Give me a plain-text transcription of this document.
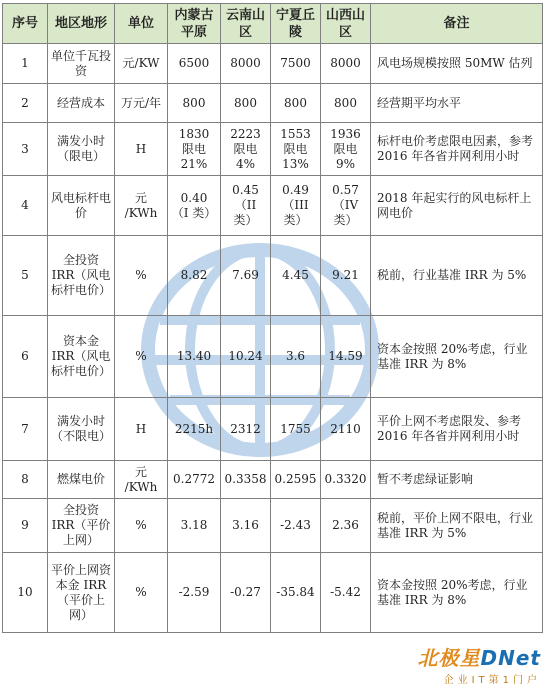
序号	地区地形	单位	内蒙古平原	云南山区	宁夏丘陵	山西山区	备注
1	单位千瓦投资	元/KW	6500	8000	7500	8000	风电场规模按照 50MW 估列
2	经营成本	万元/年	800	800	800	800	经营期平均水平
3	满发小时（限电）	H	1830 限电 21%	2223 限电 4%	1553 限电 13%	1936 限电 9%	标杆电价考虑限电因素，参考 2016 年各省并网利用小时
4	风电标杆电价	元 /KWh	0.40 （I 类）	0.45 （II 类）	0.49 （III 类）	0.57 （IV 类）	2018 年起实行的风电标杆上网电价
5	全投资 IRR（风电标杆电价）	%	8.82	7.69	4.45	9.21	税前，行业基准 IRR 为 5%
6	资本金 IRR（风电标杆电价）	%	13.40	10.24	3.6	14.59	资本金按照 20%考虑，行业基准 IRR 为 8%
7	满发小时（不限电）	H	2215h	2312	1755	2110	平价上网不考虑限发、参考 2016 年各省并网利用小时
8	燃煤电价	元 /KWh	0.2772	0.3358	0.2595	0.3320	暂不考虑绿证影响
9	全投资 IRR（平价上网）	%	3.18	3.16	-2.43	2.36	税前，平价上网不限电，行业基准 IRR 为 5%
10	平价上网资本金 IRR（平价上网）	%	-2.59	-0.27	-35.84	-5.42	资本金按照 20%考虑，行业基准 IRR 为 8%
北极星DNet
企业IT第1门户
